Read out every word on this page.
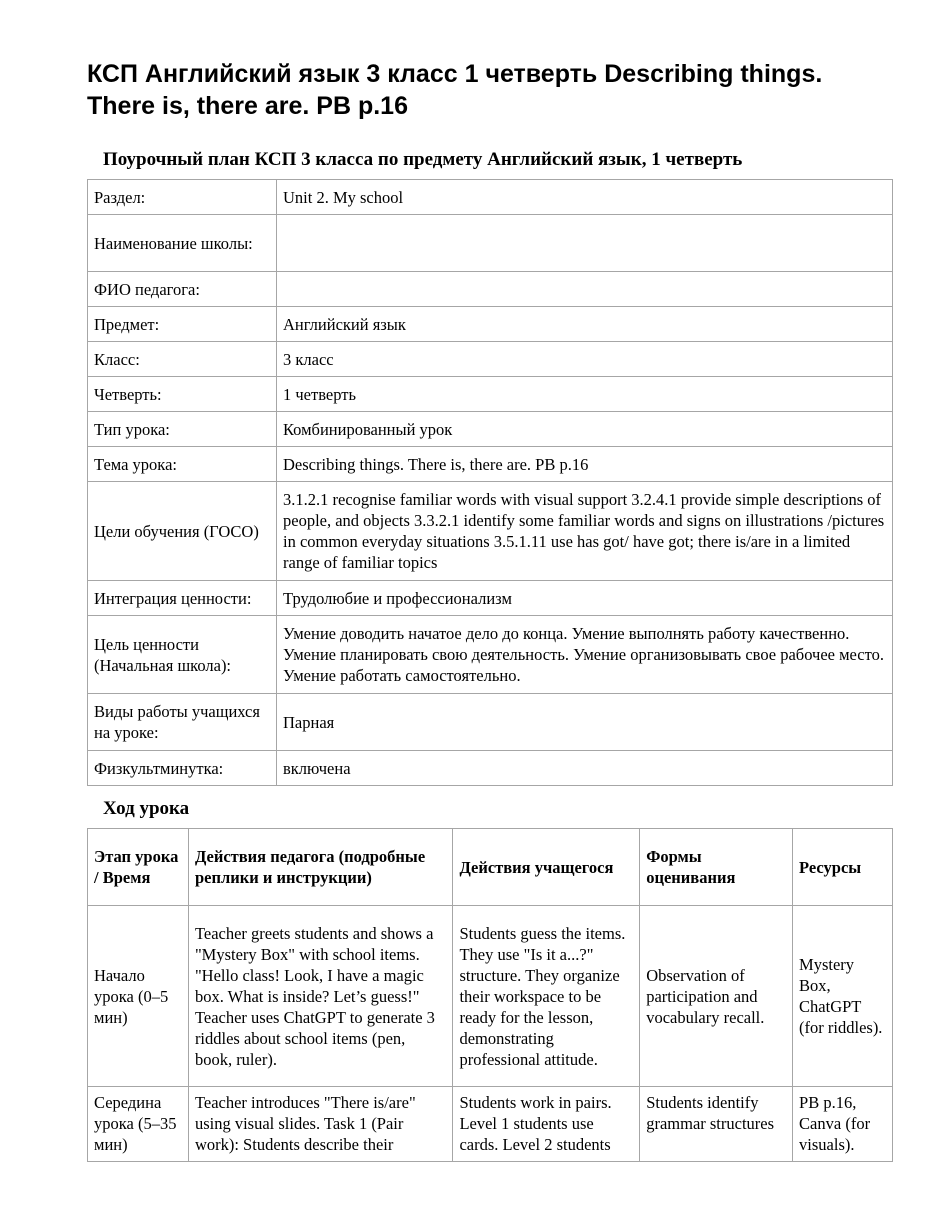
КСП Английский язык 3 класс 1 четверть Describing things. There is, there are. PB p.16
Поурочный план КСП 3 класса по предмету Английский язык, 1 четверть
Раздел:	Unit 2. My school
Наименование школы:	
ФИО педагога:	
Предмет:	Английский язык
Класс:	3 класс
Четверть:	1 четверть
Тип урока:	Комбинированный урок
Тема урока:	Describing things. There is, there are. PB p.16
Цели обучения (ГОСО)	3.1.2.1 recognise familiar words with visual support 3.2.4.1 provide simple descriptions of people, and objects 3.3.2.1 identify some familiar words and signs on illustrations /pictures in common everyday situations 3.5.1.11 use has got/ have got; there is/are in a limited range of familiar topics
Интеграция ценности:	Трудолюбие и профессионализм
Цель ценности (Начальная школа):	Умение доводить начатое дело до конца. Умение выполнять работу качественно. Умение планировать свою деятельность. Умение организовывать свое рабочее место. Умение работать самостоятельно.
Виды работы учащихся на уроке:	Парная
Физкультминутка:	включена
Ход урока
Этап урока / Время	Действия педагога (подробные реплики и инструкции)	Действия учащегося	Формы оценивания	Ресурсы
Начало урока (0–5 мин)	Teacher greets students and shows a "Mystery Box" with school items. "Hello class! Look, I have a magic box. What is inside? Let’s guess!" Teacher uses ChatGPT to generate 3 riddles about school items (pen, book, ruler).	Students guess the items. They use "Is it a...?" structure. They organize their workspace to be ready for the lesson, demonstrating professional attitude.	Observation of participation and vocabulary recall.	Mystery Box, ChatGPT (for riddles).
Середина урока (5–35 мин)	Teacher introduces "There is/are" using visual slides. Task 1 (Pair work): Students describe their	Students work in pairs. Level 1 students use cards. Level 2 students	Students identify grammar structures	PB p.16, Canva (for visuals).
